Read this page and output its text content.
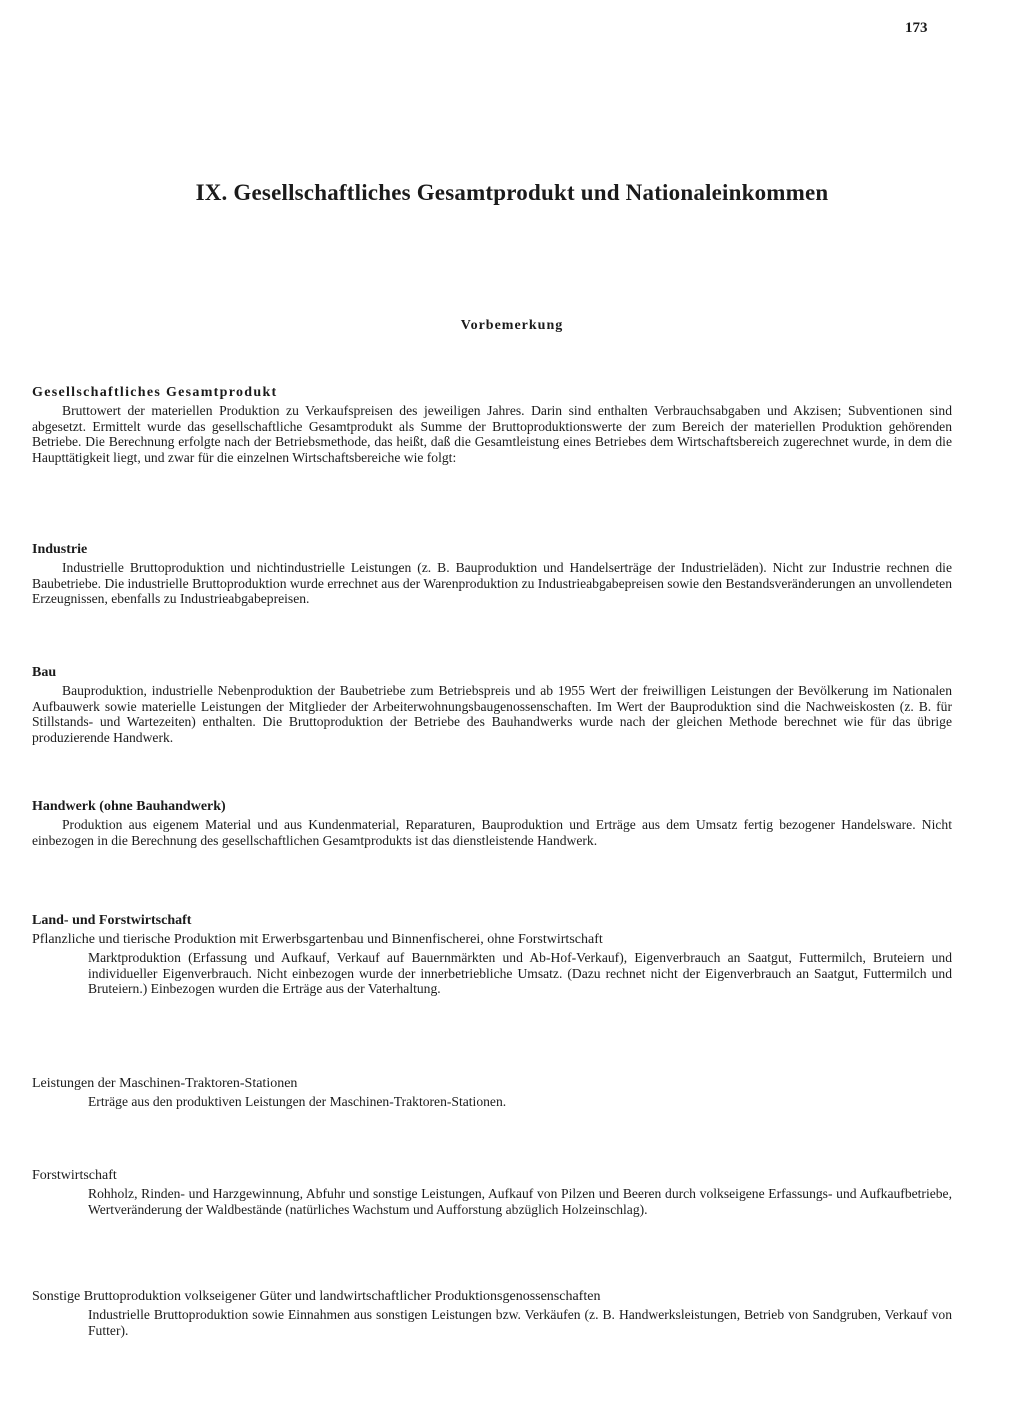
173
IX. Gesellschaftliches Gesamtprodukt und Nationaleinkommen
Vorbemerkung
Gesellschaftliches Gesamtprodukt

Bruttowert der materiellen Produktion zu Verkaufspreisen des jeweiligen Jahres. Darin sind enthalten Verbrauchsabgaben und Akzisen; Subventionen sind abgesetzt. Ermittelt wurde das gesellschaftliche Gesamtprodukt als Summe der Bruttoproduktionswerte der zum Bereich der materiellen Produktion gehörenden Betriebe. Die Berechnung erfolgte nach der Betriebsmethode, das heißt, daß die Gesamtleistung eines Betriebes dem Wirtschaftsbereich zugerechnet wurde, in dem die Haupttätigkeit liegt, und zwar für die einzelnen Wirtschaftsbereiche wie folgt:

Industrie

Industrielle Bruttoproduktion und nichtindustrielle Leistungen (z. B. Bauproduktion und Handelserträge der Industrieläden). Nicht zur Industrie rechnen die Baubetriebe. Die industrielle Bruttoproduktion wurde errechnet aus der Warenproduktion zu Industrieabgabepreisen sowie den Bestandsveränderungen an unvollendeten Erzeugnissen, ebenfalls zu Industrieabgabepreisen.

Bau

Bauproduktion, industrielle Nebenproduktion der Baubetriebe zum Betriebspreis und ab 1955 Wert der freiwilligen Leistungen der Bevölkerung im Nationalen Aufbauwerk sowie materielle Leistungen der Mitglieder der Arbeiterwohnungsbaugenossenschaften. Im Wert der Bauproduktion sind die Nachweiskosten (z. B. für Stillstands- und Wartezeiten) enthalten. Die Bruttoproduktion der Betriebe des Bauhandwerks wurde nach der gleichen Methode berechnet wie für das übrige produzierende Handwerk.

Handwerk (ohne Bauhandwerk)

Produktion aus eigenem Material und aus Kundenmaterial, Reparaturen, Bauproduktion und Erträge aus dem Umsatz fertig bezogener Handelsware. Nicht einbezogen in die Berechnung des gesellschaftlichen Gesamtprodukts ist das dienstleistende Handwerk.

Land- und Forstwirtschaft
Pflanzliche und tierische Produktion mit Erwerbsgartenbau und Binnenfischerei, ohne Forstwirtschaft

Marktproduktion (Erfassung und Aufkauf, Verkauf auf Bauernmärkten und Ab-Hof-Verkauf), Eigenverbrauch an Saatgut, Futtermilch, Bruteiern und individueller Eigenverbrauch. Nicht einbezogen wurde der innerbetriebliche Umsatz. (Dazu rechnet nicht der Eigenverbrauch an Saatgut, Futtermilch und Bruteiern.) Einbezogen wurden die Erträge aus der Vaterhaltung.

Leistungen der Maschinen-Traktoren-Stationen

Erträge aus den produktiven Leistungen der Maschinen-Traktoren-Stationen.

Forstwirtschaft

Rohholz, Rinden- und Harzgewinnung, Abfuhr und sonstige Leistungen, Aufkauf von Pilzen und Beeren durch volkseigene Erfassungs- und Aufkaufbetriebe, Wertveränderung der Waldbestände (natürliches Wachstum und Aufforstung abzüglich Holzeinschlag).

Sonstige Bruttoproduktion volkseigener Güter und landwirtschaftlicher Produktionsgenossenschaften

Industrielle Bruttoproduktion sowie Einnahmen aus sonstigen Leistungen bzw. Verkäufen (z. B. Handwerksleistungen, Betrieb von Sandgruben, Verkauf von Futter).
